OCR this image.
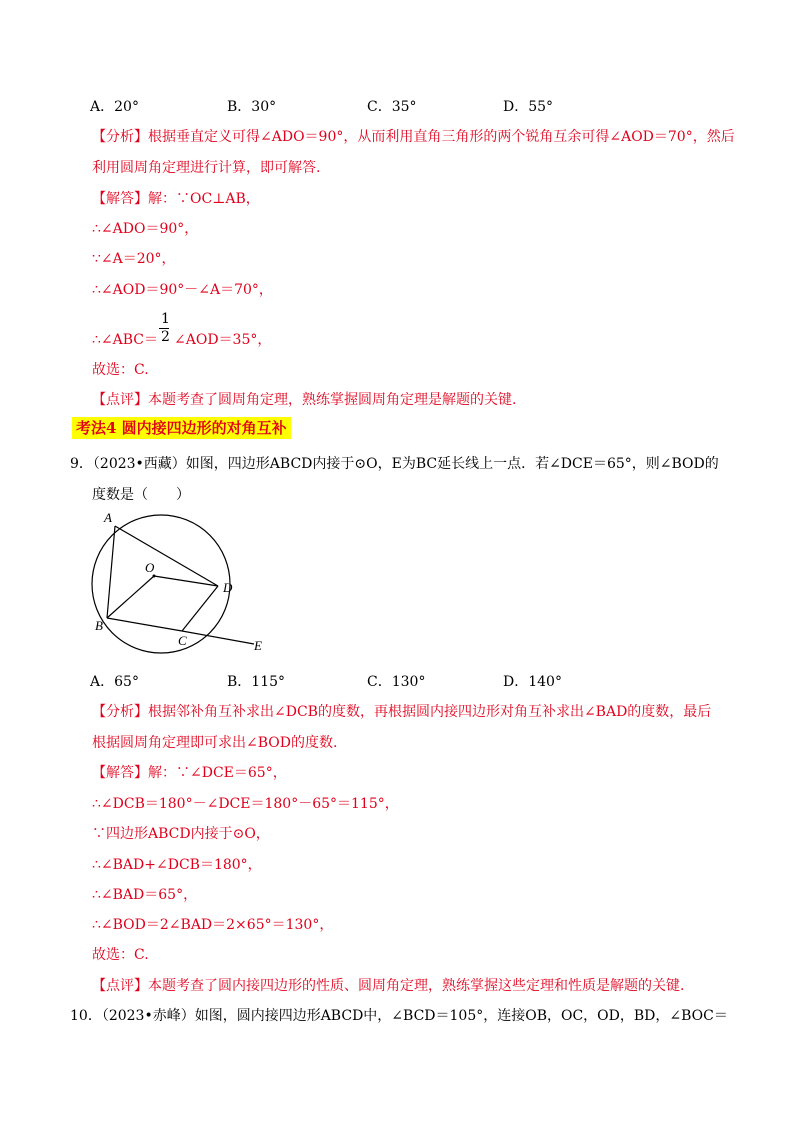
A．20°	B．30°	C．35°	D．55°
【分析】根据垂直定义可得∠ADO＝90°，从而利用直角三角形的两个锐角互余可得∠AOD＝70°，然后
利用圆周角定理进行计算，即可解答.
【解答】解：∵OC⊥AB，
∴∠ADO＝90°，
∵∠A＝20°，
∴∠AOD＝90°－∠A＝70°，
∴∠ABC＝
1
2 ∠AOD＝35°，
故选：C.
【点评】本题考查了圆周角定理，熟练掌握圆周角定理是解题的关键.
考法4 圆内接四边形的对角互补
9．（2023•西藏）如图，四边形ABCD内接于⊙O，E为BC延长线上一点．若∠DCE＝65°，则∠BOD的
度数是（　　）
A
B
C
D
E
O
A．65°	B．115°	C．130°	D．140°
【分析】根据邻补角互补求出∠DCB的度数，再根据圆内接四边形对角互补求出∠BAD的度数，最后
根据圆周角定理即可求出∠BOD的度数.
【解答】解：∵∠DCE＝65°，
∴∠DCB＝180°－∠DCE＝180°－65°＝115°，
∵四边形ABCD内接于⊙O，
∴∠BAD+∠DCB＝180°，
∴∠BAD＝65°，
∴∠BOD＝2∠BAD＝2×65°＝130°，
故选：C.
【点评】本题考查了圆内接四边形的性质、圆周角定理，熟练掌握这些定理和性质是解题的关键.
10．（2023•赤峰）如图，圆内接四边形ABCD中，∠BCD＝105°，连接OB，OC，OD，BD，∠BOC＝
